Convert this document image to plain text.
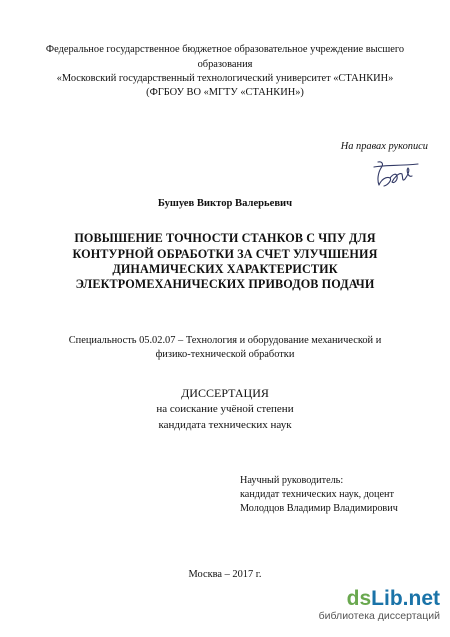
Федеральное государственное бюджетное образовательное учреждение высшего
образования
«Московский государственный технологический университет «СТАНКИН»
(ФГБОУ ВО «МГТУ «СТАНКИН»)
На правах рукописи
Бушуев Виктор Валерьевич
ПОВЫШЕНИЕ ТОЧНОСТИ СТАНКОВ С ЧПУ ДЛЯ
КОНТУРНОЙ ОБРАБОТКИ ЗА СЧЕТ УЛУЧШЕНИЯ
ДИНАМИЧЕСКИХ ХАРАКТЕРИСТИК
ЭЛЕКТРОМЕХАНИЧЕСКИХ ПРИВОДОВ ПОДАЧИ
Специальность 05.02.07 – Технология и оборудование механической и
физико-технической обработки
ДИССЕРТАЦИЯ
на соискание учёной степени
кандидата технических наук
Научный руководитель:
кандидат технических наук, доцент
Молодцов Владимир Владимирович
Москва – 2017 г.
dsLib.net
библиотека диссертаций
